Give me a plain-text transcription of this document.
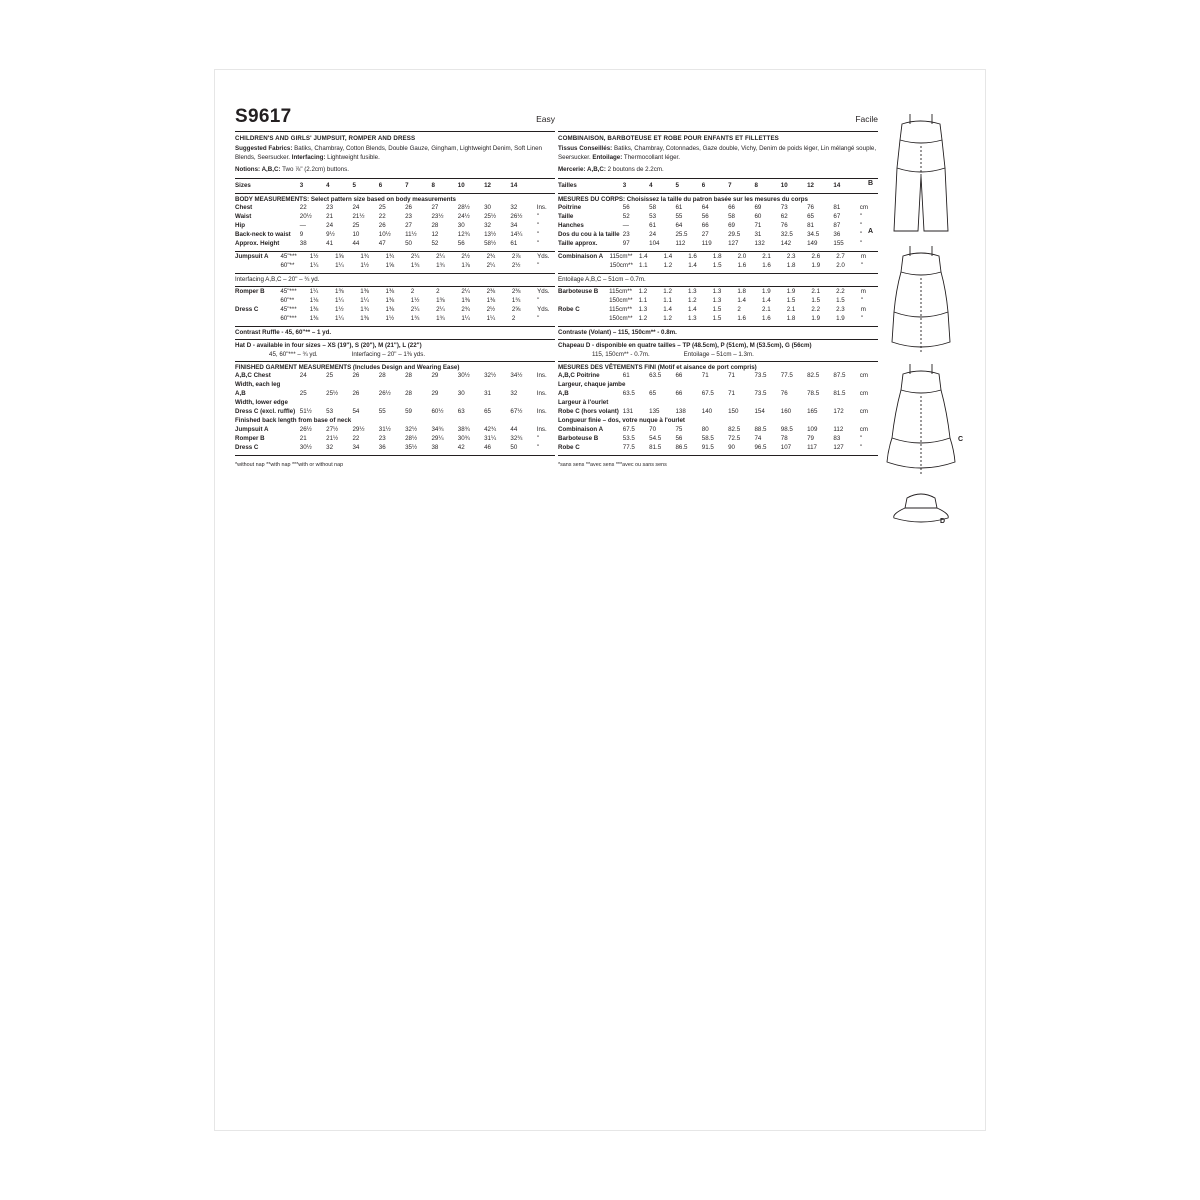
S9617	Easy
CHILDREN'S AND GIRLS' JUMPSUIT, ROMPER AND DRESS
Suggested Fabrics: Batiks, Chambray, Cotton Blends, Double Gauze, Gingham, Lightweight Denim, Soft Linen Blends, Seersucker. Interfacing: Lightweight fusible.
Notions: A,B,C: Two ⅞" (2.2cm) buttons.
Sizes	3	4	5	6	7	8	10	12	14	
BODY MEASUREMENTS: Select pattern size based on body measurements
Chest	22	23	24	25	26	27	28½	30	32	Ins.
Waist	20½	21	21½	22	23	23½	24½	25½	26½	"
Hip	—	24	25	26	27	28	30	32	34	"
Back-neck to waist	9	9½	10	10½	11½	12	12¾	13½	14¼	"
Approx. Height	38	41	44	47	50	52	56	58½	61	"
Jumpsuit A	45"***	1½	1⅝	1¾	1¾	2¼	2¼	2½	2¾	2⅞	Yds.
	60"**	1¼	1¼	1½	1⅝	1¾	1¾	1⅞	2¼	2½	"
Interfacing A,B,C – 20" – ¾ yd.
Romper B	45"***	1¼	1⅜	1⅜	1⅜	2	2	2¼	2⅜	2⅜	Yds.
	60"**	1⅛	1¼	1¼	1⅜	1½	1⅜	1⅜	1⅜	1¾	"
Dress C	45"***	1⅜	1½	1¾	1⅜	2¼	2¼	2¾	2½	2⅝	Yds.
	60"***	1⅜	1¼	1⅜	1½	1¾	1¾	1¼	1¼	2	"
Contrast Ruffle - 45, 60"** – 1 yd.
Hat D - available in four sizes – XS (19"), S (20"), M (21"), L (22")
45, 60"*** – ¾ yd.	Interfacing – 20" – 1⅜ yds.
FINISHED GARMENT MEASUREMENTS (Includes Design and Wearing Ease)
A,B,C Chest	24	25	26	28	28	29	30½	32½	34½	Ins.
Width, each leg										
A,B	25	25½	26	26½	28	29	30	31	32	Ins.
Width, lower edge										
Dress C (excl. ruffle)	51½	53	54	55	59	60½	63	65	67½	Ins.
Finished back length from base of neck										
Jumpsuit A	26½	27½	29½	31½	32½	34¾	38¾	42¾	44	Ins.
Romper B	21	21½	22	23	28½	29¼	30¾	31¼	32¾	"
Dress C	30½	32	34	36	35½	38	42	46	50	"
*without nap **with nap ***with or without nap
Facile
COMBINAISON, BARBOTEUSE ET ROBE POUR ENFANTS ET FILLETTES
Tissus Conseillés: Batiks, Chambray, Cotonnades, Gaze double, Vichy, Denim de poids léger, Lin mélangé souple, Seersucker. Entoilage: Thermocollant léger.
Mercerie: A,B,C: 2 boutons de 2.2cm.
Tailles	3	4	5	6	7	8	10	12	14	
MESURES DU CORPS: Choisissez la taille du patron basée sur les mesures du corps
Poitrine	56	58	61	64	66	69	73	76	81	cm
Taille	52	53	55	56	58	60	62	65	67	"
Hanches	—	61	64	66	69	71	76	81	87	"
Dos du cou à la taille	23	24	25.5	27	29.5	31	32.5	34.5	36	"
Taille approx.	97	104	112	119	127	132	142	149	155	"
Combinaison A	115cm**	1.4	1.4	1.6	1.8	2.0	2.1	2.3	2.6	2.7	m
	150cm**	1.1	1.2	1.4	1.5	1.6	1.6	1.8	1.9	2.0	"
Entoilage A,B,C – 51cm – 0.7m.
Barboteuse B	115cm**	1.2	1.2	1.3	1.3	1.8	1.9	1.9	2.1	2.2	m
	150cm**	1.1	1.1	1.2	1.3	1.4	1.4	1.5	1.5	1.5	"
Robe C	115cm**	1.3	1.4	1.4	1.5	2	2.1	2.1	2.2	2.3	m
	150cm**	1.2	1.2	1.3	1.5	1.6	1.6	1.8	1.9	1.9	"
Contraste (Volant) – 115, 150cm** - 0.8m.
Chapeau D - disponible en quatre tailles – TP (48.5cm), P (51cm), M (53.5cm), G (56cm)
115, 150cm** - 0.7m.	Entoilage – 51cm – 1.3m.
MESURES DES VÊTEMENTS FINI (Motif et aisance de port compris)
A,B,C Poitrine	61	63.5	66	71	71	73.5	77.5	82.5	87.5	cm
Largeur, chaque jambe										
A,B	63.5	65	66	67.5	71	73.5	76	78.5	81.5	cm
Largeur à l'ourlet										
Robe C (hors volant)	131	135	138	140	150	154	160	165	172	cm
Longueur finie – dos, votre nuque à l'ourlet										
Combinaison A	67.5	70	75	80	82.5	88.5	98.5	109	112	cm
Barboteuse B	53.5	54.5	56	58.5	72.5	74	78	79	83	"
Robe C	77.5	81.5	86.5	91.5	90	96.5	107	117	127	"
*sans sens **avec sens ***avec ou sans sens
A
B
C
D
